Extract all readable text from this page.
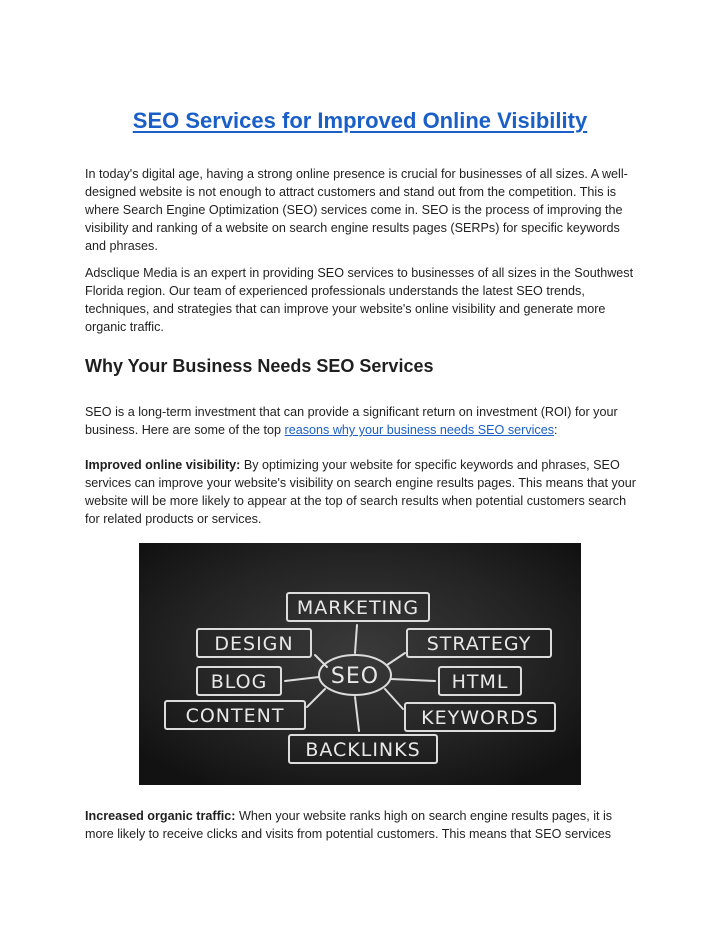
SEO Services for Improved Online Visibility

In today's digital age, having a strong online presence is crucial for businesses of all sizes. A well-designed website is not enough to attract customers and stand out from the competition. This is where Search Engine Optimization (SEO) services come in. SEO is the process of improving the visibility and ranking of a website on search engine results pages (SERPs) for specific keywords and phrases.

Adsclique Media is an expert in providing SEO services to businesses of all sizes in the Southwest Florida region. Our team of experienced professionals understands the latest SEO trends, techniques, and strategies that can improve your website's online visibility and generate more organic traffic.

Why Your Business Needs SEO Services

SEO is a long-term investment that can provide a significant return on investment (ROI) for your business. Here are some of the top reasons why your business needs SEO services:

Improved online visibility: By optimizing your website for specific keywords and phrases, SEO services can improve your website's visibility on search engine results pages. This means that your website will be more likely to appear at the top of search results when potential customers search for related products or services.

MARKETING
DESIGN	STRATEGY
BLOG	HTML
CONTENT	KEYWORDS
BACKLINKS
SEO

Increased organic traffic: When your website ranks high on search engine results pages, it is more likely to receive clicks and visits from potential customers. This means that SEO services
